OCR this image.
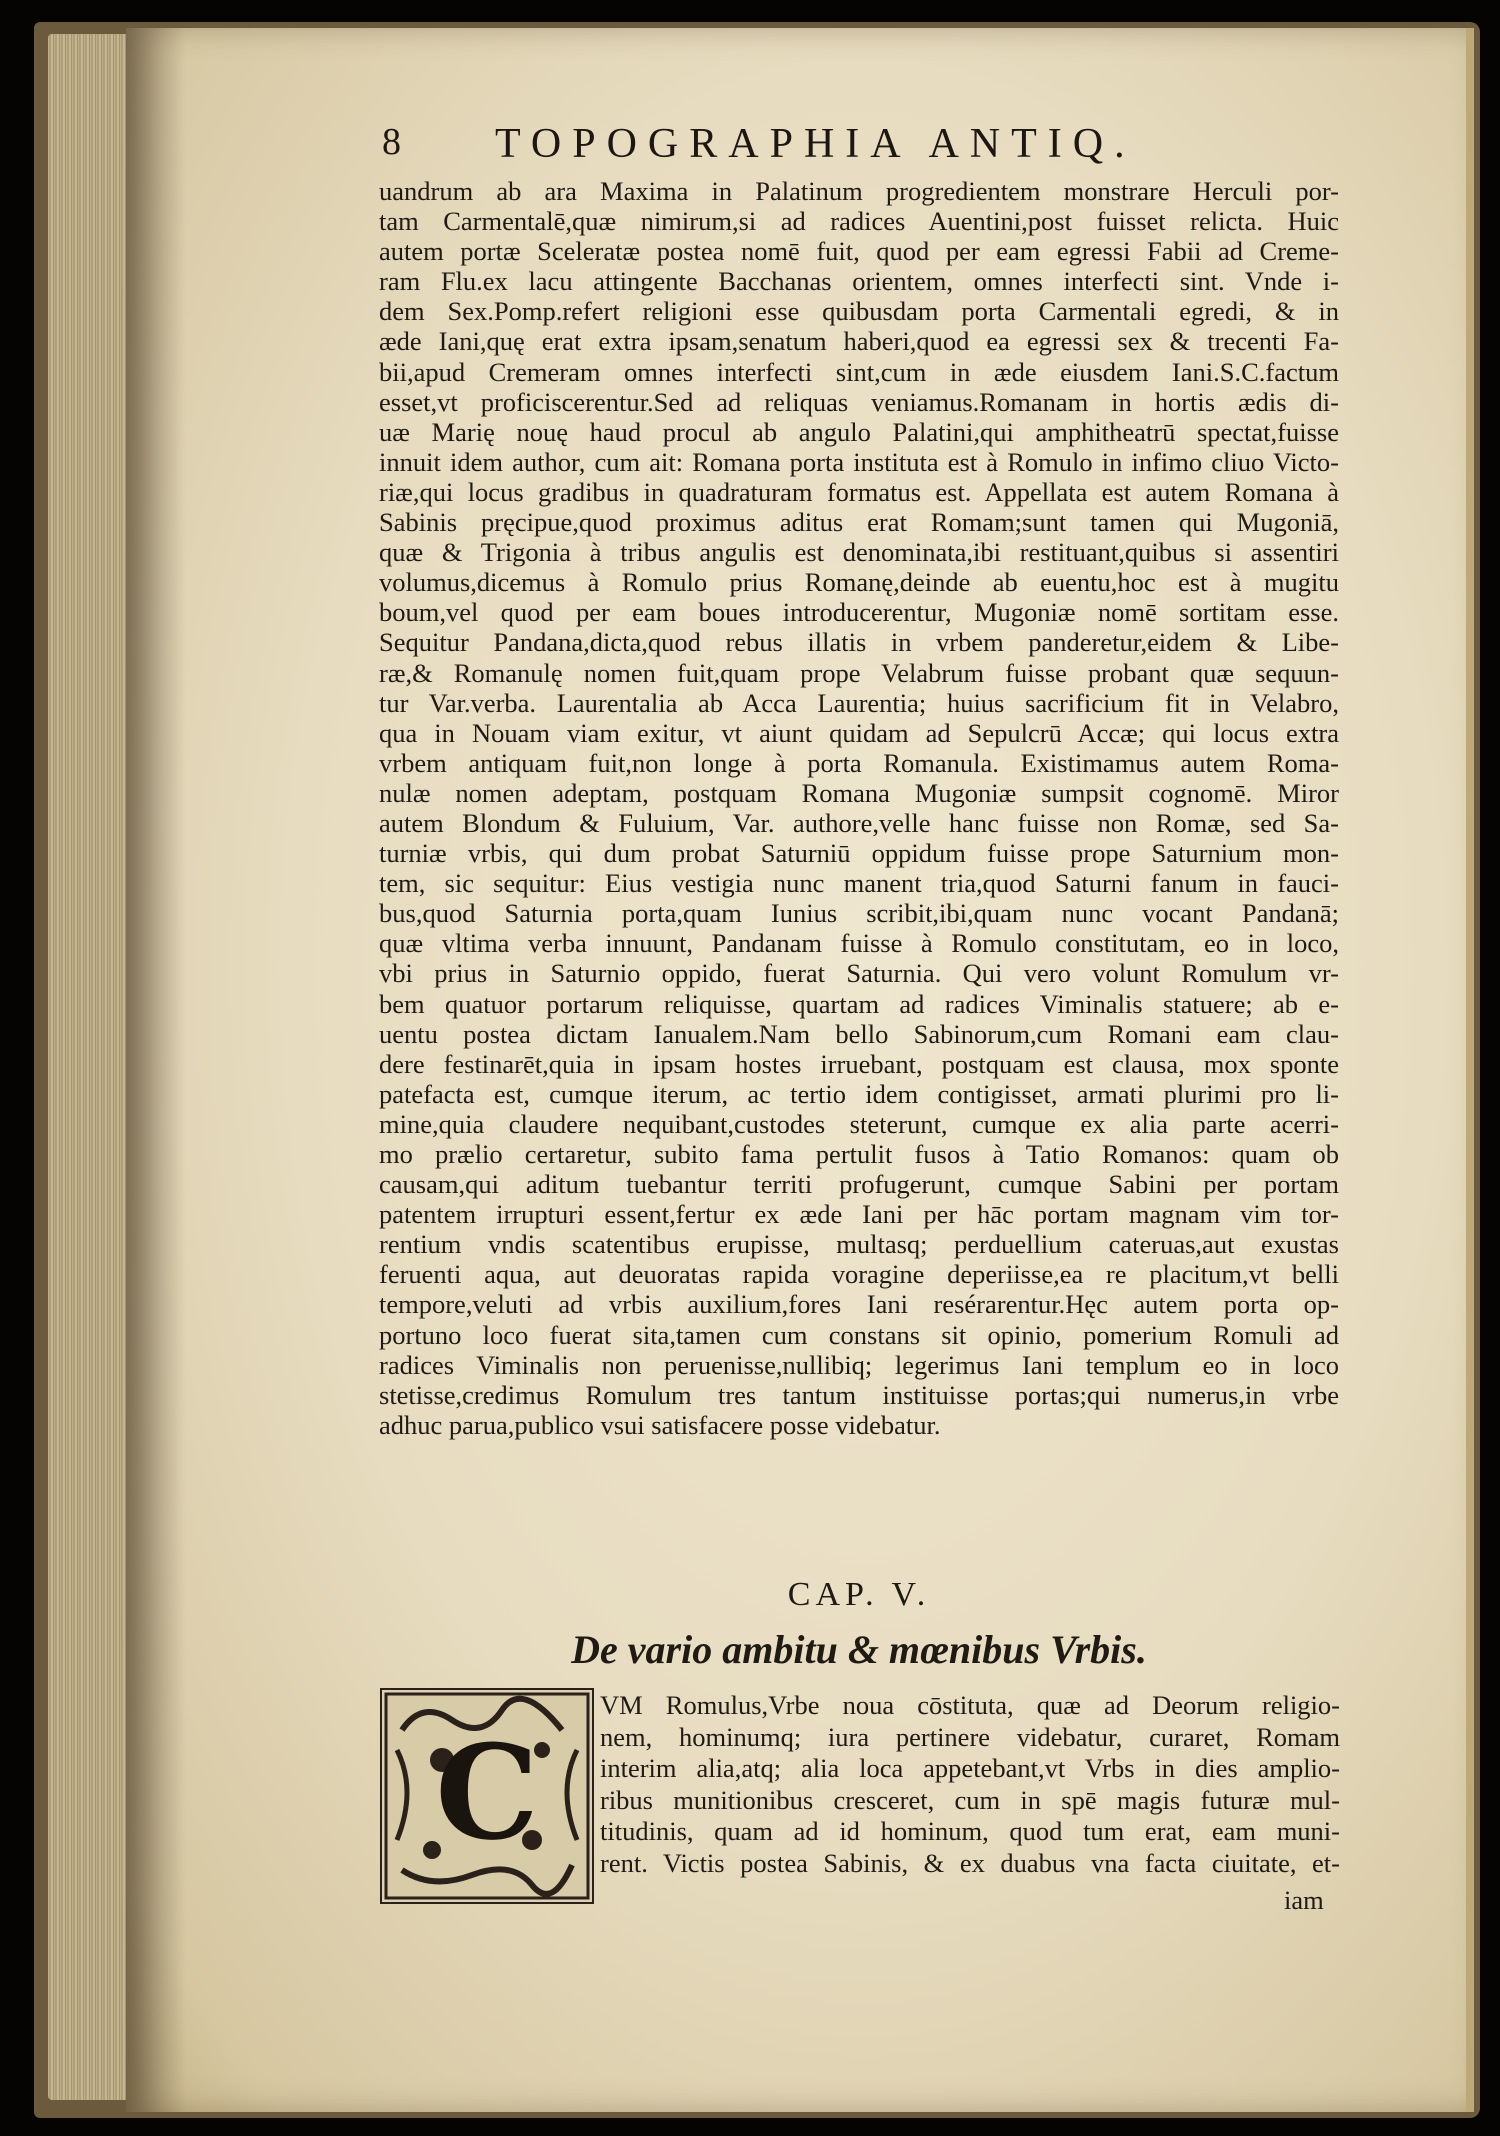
8 TOPOGRAPHIA ANTIQ.
uandrum ab ara Maxima in Palatinum progredientem monstrare Herculi por-
tam Carmentalē,quæ nimirum,si ad radices Auentini,post fuisset relicta. Huic
autem portæ Sceleratæ postea nomē fuit, quod per eam egressi Fabii ad Creme-
ram Flu.ex lacu attingente Bacchanas orientem, omnes interfecti sint. Vnde i-
dem Sex.Pomp.refert religioni esse quibusdam porta Carmentali egredi, & in
æde Iani,quę erat extra ipsam,senatum haberi,quod ea egressi sex & trecenti Fa-
bii,apud Cremeram omnes interfecti sint,cum in æde eiusdem Iani.S.C.factum
esset,vt proficiscerentur.Sed ad reliquas veniamus.Romanam in hortis ædis di-
uæ Marię nouę haud procul ab angulo Palatini,qui amphitheatrū spectat,fuisse
innuit idem author, cum ait: Romana porta instituta est à Romulo in infimo cliuo Victo-
riæ,qui locus gradibus in quadraturam formatus est. Appellata est autem Romana à
Sabinis pręcipue,quod proximus aditus erat Romam;sunt tamen qui Mugoniā,
quæ & Trigonia à tribus angulis est denominata,ibi restituant,quibus si assentiri
volumus,dicemus à Romulo prius Romanę,deinde ab euentu,hoc est à mugitu
boum,vel quod per eam boues introducerentur, Mugoniæ nomē sortitam esse.
Sequitur Pandana,dicta,quod rebus illatis in vrbem panderetur,eidem & Libe-
ræ,& Romanulę nomen fuit,quam prope Velabrum fuisse probant quæ sequun-
tur Var.verba. Laurentalia ab Acca Laurentia; huius sacrificium fit in Velabro,
qua in Nouam viam exitur, vt aiunt quidam ad Sepulcrū Accæ; qui locus extra
vrbem antiquam fuit,non longe à porta Romanula. Existimamus autem Roma-
nulæ nomen adeptam, postquam Romana Mugoniæ sumpsit cognomē. Miror
autem Blondum & Fuluium, Var. authore,velle hanc fuisse non Romæ, sed Sa-
turniæ vrbis, qui dum probat Saturniū oppidum fuisse prope Saturnium mon-
tem, sic sequitur: Eius vestigia nunc manent tria,quod Saturni fanum in fauci-
bus,quod Saturnia porta,quam Iunius scribit,ibi,quam nunc vocant Pandanā;
quæ vltima verba innuunt, Pandanam fuisse à Romulo constitutam, eo in loco,
vbi prius in Saturnio oppido, fuerat Saturnia. Qui vero volunt Romulum vr-
bem quatuor portarum reliquisse, quartam ad radices Viminalis statuere; ab e-
uentu postea dictam Ianualem.Nam bello Sabinorum,cum Romani eam clau-
dere festinarēt,quia in ipsam hostes irruebant, postquam est clausa, mox sponte
patefacta est, cumque iterum, ac tertio idem contigisset, armati plurimi pro li-
mine,quia claudere nequibant,custodes steterunt, cumque ex alia parte acerri-
mo prælio certaretur, subito fama pertulit fusos à Tatio Romanos: quam ob
causam,qui aditum tuebantur territi profugerunt, cumque Sabini per portam
patentem irrupturi essent,fertur ex æde Iani per hāc portam magnam vim tor-
rentium vndis scatentibus erupisse, multasq; perduellium cateruas,aut exustas
feruenti aqua, aut deuoratas rapida voragine deperiisse,ea re placitum,vt belli
tempore,veluti ad vrbis auxilium,fores Iani resérarentur.Hęc autem porta op-
portuno loco fuerat sita,tamen cum constans sit opinio, pomerium Romuli ad
radices Viminalis non peruenisse,nullibiq; legerimus Iani templum eo in loco
stetisse,credimus Romulum tres tantum instituisse portas;qui numerus,in vrbe
adhuc parua,publico vsui satisfacere posse videbatur.
CAP. V.
De vario ambitu & mœnibus Vrbis.
C
VM Romulus,Vrbe noua cōstituta, quæ ad Deorum religio-
nem, hominumq; iura pertinere videbatur, curaret, Romam
interim alia,atq; alia loca appetebant,vt Vrbs in dies amplio-
ribus munitionibus cresceret, cum in spē magis futuræ mul-
titudinis, quam ad id hominum, quod tum erat, eam muni-
rent. Victis postea Sabinis, & ex duabus vna facta ciuitate, et-
iam
